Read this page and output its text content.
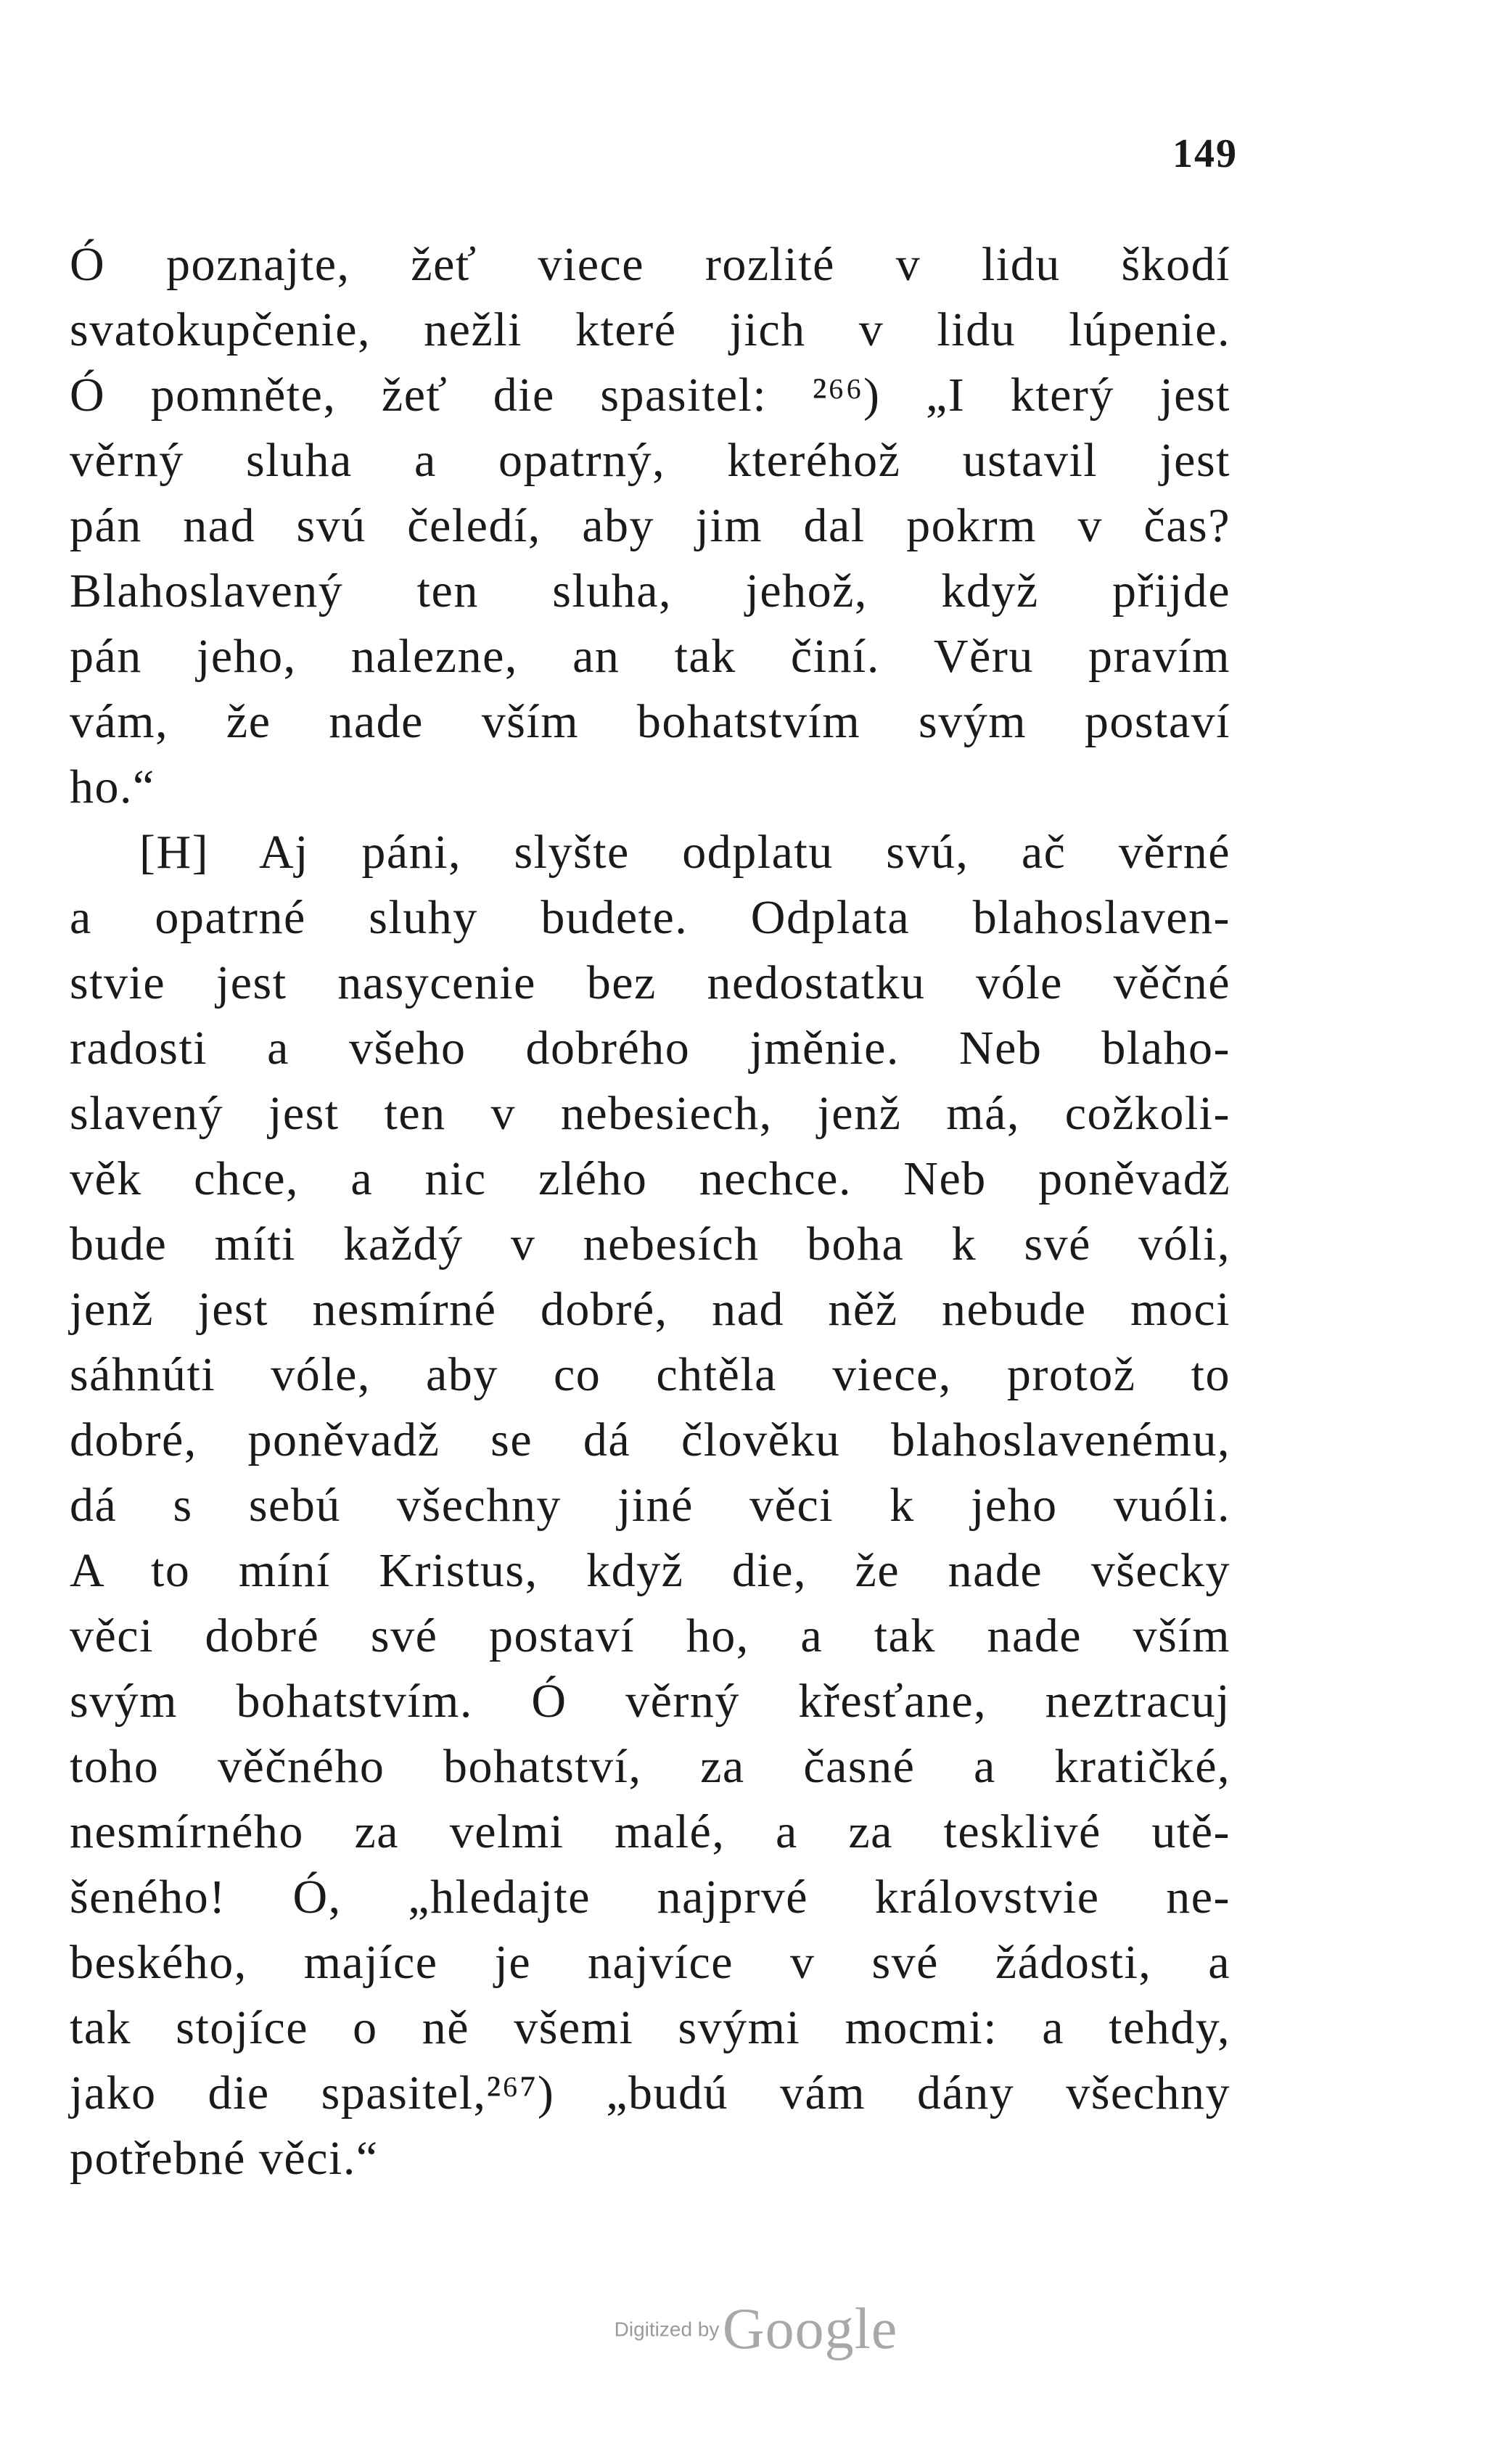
149
Ó poznajte, žeť viece rozlité v lidu škodí
svatokupčenie, nežli které jich v lidu lúpenie.
Ó pomněte, žeť die spasitel: ²⁶⁶) „I který jest
věrný sluha a opatrný, kteréhož ustavil jest
pán nad svú čeledí, aby jim dal pokrm v čas?
Blahoslavený ten sluha, jehož, když přijde
pán jeho, nalezne, an tak činí. Věru pravím
vám, že nade vším bohatstvím svým postaví
ho.“
[H] Aj páni, slyšte odplatu svú, ač věrné
a opatrné sluhy budete. Odplata blahoslaven-
stvie jest nasycenie bez nedostatku vóle věčné
radosti a všeho dobrého jměnie. Neb blaho-
slavený jest ten v nebesiech, jenž má, cožkoli-
věk chce, a nic zlého nechce. Neb poněvadž
bude míti každý v nebesích boha k své vóli,
jenž jest nesmírné dobré, nad něž nebude moci
sáhnúti vóle, aby co chtěla viece, protož to
dobré, poněvadž se dá člověku blahoslavenému,
dá s sebú všechny jiné věci k jeho vuóli.
A to míní Kristus, když die, že nade všecky
věci dobré své postaví ho, a tak nade vším
svým bohatstvím. Ó věrný křesťane, neztracuj
toho věčného bohatství, za časné a kratičké,
nesmírného za velmi malé, a za tesklivé utě-
šeného! Ó, „hledajte najprvé královstvie ne-
beského, majíce je najvíce v své žádosti, a
tak stojíce o ně všemi svými mocmi: a tehdy,
jako die spasitel,²⁶⁷) „budú vám dány všechny
potřebné věci.“
Digitized by Google
